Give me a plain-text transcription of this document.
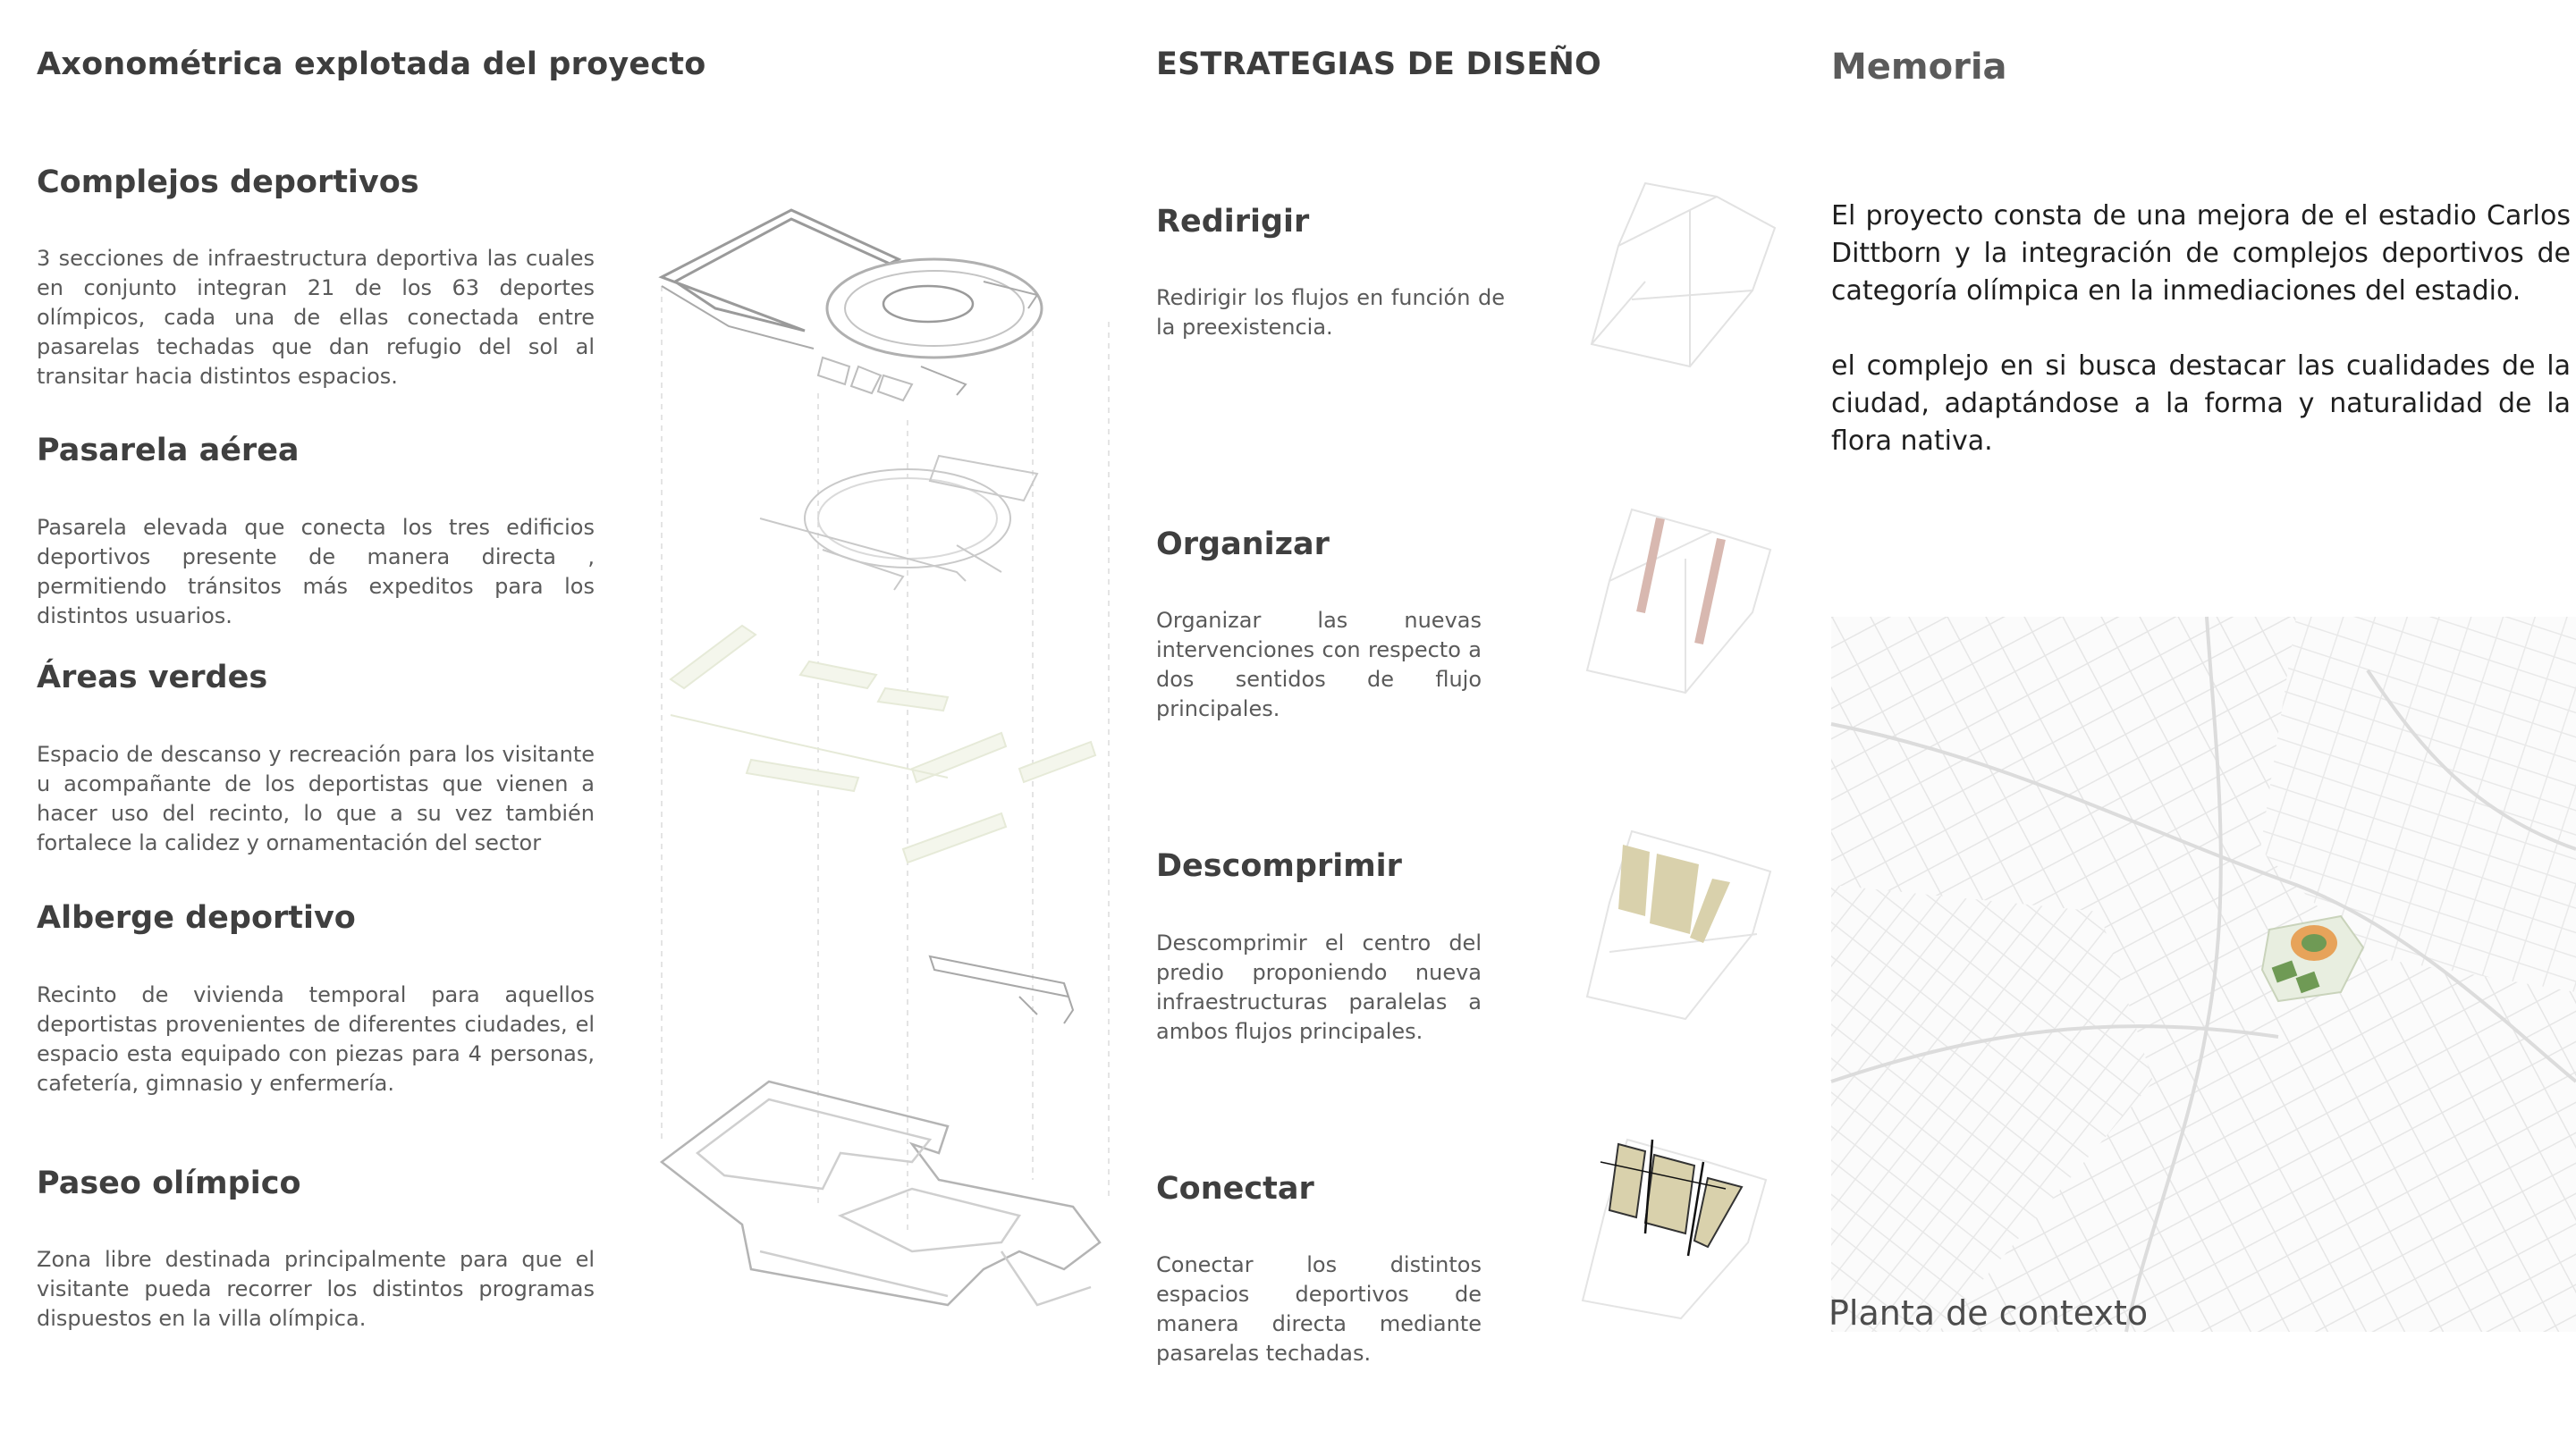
Axonométrica explotada del proyecto
Complejos deportivos
3 secciones de infraestructura deportiva las cuales en conjunto integran 21 de los 63 deportes olímpicos, cada una de ellas conectada entre pasarelas techadas que dan refugio del sol al transitar hacia distintos espacios.
Pasarela aérea
Pasarela elevada que conecta los tres edificios deportivos presente de manera directa , permitiendo tránsitos más expeditos para los distintos usuarios.
Áreas verdes
Espacio de descanso y recreación para los visitante u acompañante de los deportistas que vienen a hacer uso del recinto, lo que a su vez también fortalece la calidez y ornamentación del sector
Alberge deportivo
Recinto de vivienda temporal para aquellos deportistas provenientes de diferentes ciudades, el espacio esta equipado con piezas para 4 personas, cafetería, gimnasio y enfermería.
Paseo olímpico
Zona libre destinada principalmente para que el visitante pueda recorrer los distintos programas dispuestos en la villa olímpica.
ESTRATEGIAS DE DISEÑO
Redirigir
Redirigir los flujos en función de la preexistencia.
Organizar
Organizar las nuevas intervenciones con respecto a dos sentidos de flujo principales.
Descomprimir
Descomprimir el centro del predio proponiendo nueva infraestructuras paralelas a ambos flujos principales.
Conectar
Conectar los distintos espacios deportivos de manera directa mediante pasarelas techadas.
Memoria
El proyecto consta de una mejora de el estadio Carlos Dittborn y la integración de complejos deportivos de categoría olímpica en la inmediaciones del estadio.
el complejo en si busca destacar las cualidades de la ciudad, adaptándose a la forma y naturalidad de la flora nativa.
Planta de contexto
